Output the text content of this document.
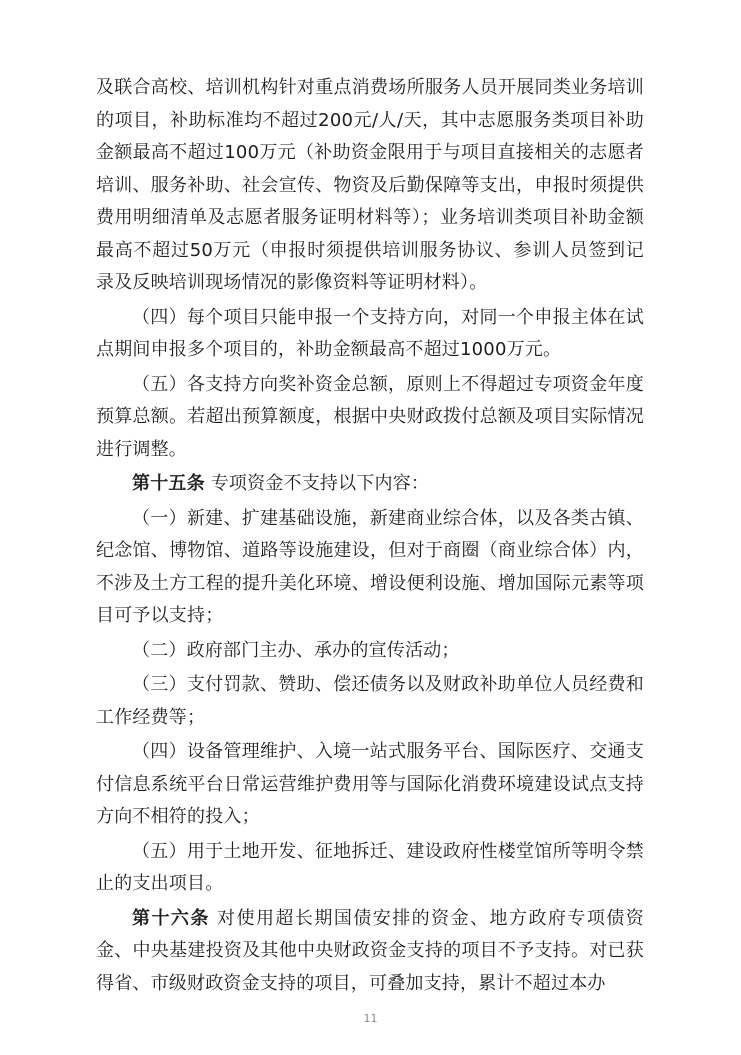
及联合高校、培训机构针对重点消费场所服务人员开展同类业务培训的项目，补助标准均不超过200元/人/天，其中志愿服务类项目补助金额最高不超过100万元（补助资金限用于与项目直接相关的志愿者培训、服务补助、社会宣传、物资及后勤保障等支出，申报时须提供费用明细清单及志愿者服务证明材料等）；业务培训类项目补助金额最高不超过50万元（申报时须提供培训服务协议、参训人员签到记录及反映培训现场情况的影像资料等证明材料）。

（四）每个项目只能申报一个支持方向，对同一个申报主体在试点期间申报多个项目的，补助金额最高不超过1000万元。

（五）各支持方向奖补资金总额，原则上不得超过专项资金年度预算总额。若超出预算额度，根据中央财政拨付总额及项目实际情况进行调整。

第十五条 专项资金不支持以下内容：

（一）新建、扩建基础设施，新建商业综合体，以及各类古镇、纪念馆、博物馆、道路等设施建设，但对于商圈（商业综合体）内，不涉及土方工程的提升美化环境、增设便利设施、增加国际元素等项目可予以支持；

（二）政府部门主办、承办的宣传活动；

（三）支付罚款、赞助、偿还债务以及财政补助单位人员经费和工作经费等；

（四）设备管理维护、入境一站式服务平台、国际医疗、交通支付信息系统平台日常运营维护费用等与国际化消费环境建设试点支持方向不相符的投入；

（五）用于土地开发、征地拆迁、建设政府性楼堂馆所等明令禁止的支出项目。

第十六条 对使用超长期国债安排的资金、地方政府专项债资金、中央基建投资及其他中央财政资金支持的项目不予支持。对已获得省、市级财政资金支持的项目，可叠加支持，累计不超过本办

11
